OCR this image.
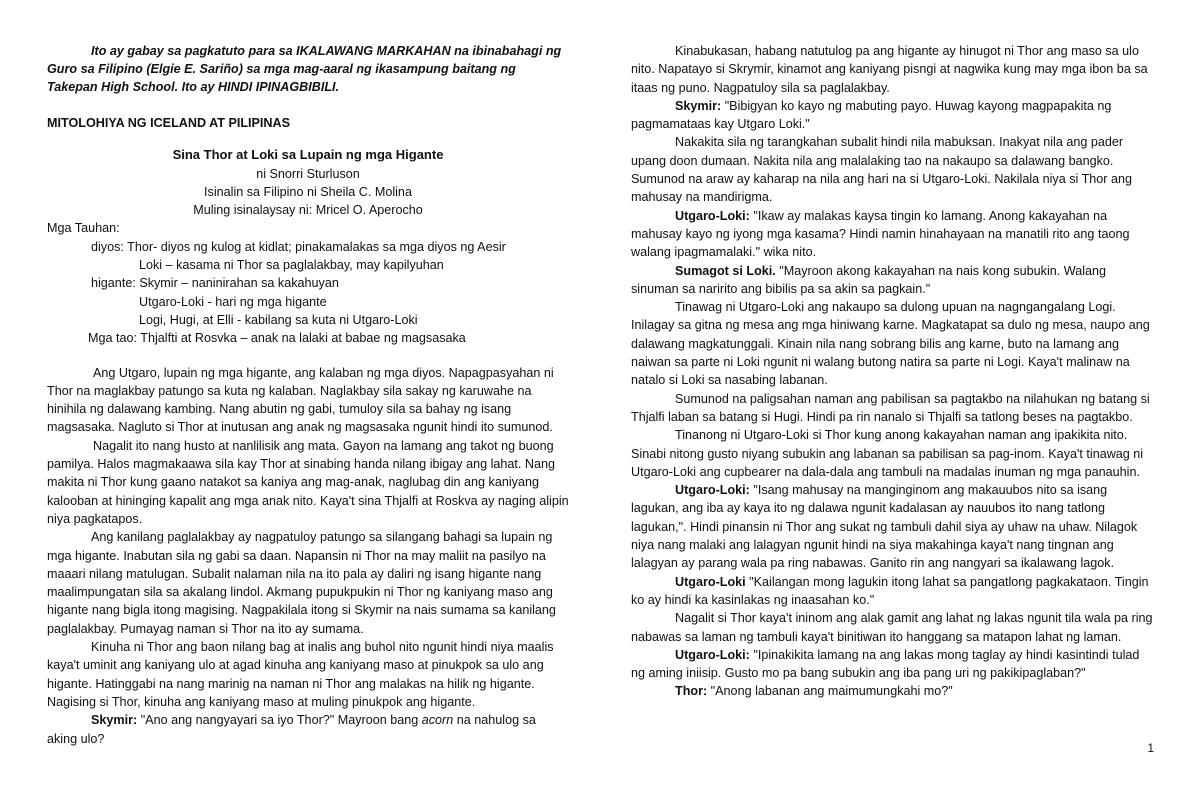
Ito ay gabay sa pagkatuto para sa IKALAWANG MARKAHAN na ibinabahagi ng Guro sa Filipino (Elgie E. Sariño) sa mga mag-aaral ng ikasampung baitang ng Takepan High School. Ito ay HINDI IPINAGBIBILI.

MITOLOHIYA NG ICELAND AT PILIPINAS

Sina Thor at Loki sa Lupain ng mga Higante

ni Snorri Sturluson

Isinalin sa Filipino ni Sheila C. Molina

Muling isinalaysay ni: Mricel O. Aperocho

Mga Tauhan:

diyos: Thor- diyos ng kulog at kidlat; pinakamalakas sa mga diyos ng Aesir

Loki – kasama ni Thor sa paglalakbay, may kapilyuhan

higante: Skymir – naninirahan sa kakahuyan

Utgaro-Loki - hari ng mga higante

Logi, Hugi, at Elli - kabilang sa kuta ni Utgaro-Loki

Mga tao: Thjalfti at Rosvka – anak na lalaki at babae ng magsasaka

Ang Utgaro, lupain ng mga higante, ang kalaban ng mga diyos. Napagpasyahan ni Thor na maglakbay patungo sa kuta ng kalaban. Naglakbay sila sakay ng karuwahe na hinihila ng dalawang kambing. Nang abutin ng gabi, tumuloy sila sa bahay ng isang magsasaka. Nagluto si Thor at inutusan ang anak ng magsasaka ngunit hindi ito sumunod.

Nagalit ito nang husto at nanlilisik ang mata. Gayon na lamang ang takot ng buong pamilya. Halos magmakaawa sila kay Thor at sinabing handa nilang ibigay ang lahat. Nang makita ni Thor kung gaano natakot sa kaniya ang mag-anak, naglubag din ang kaniyang kalooban at hininging kapalit ang mga anak nito. Kaya't sina Thjalfi at Roskva ay naging alipin niya pagkatapos.

Ang kanilang paglalakbay ay nagpatuloy patungo sa silangang bahagi sa lupain ng mga higante. Inabutan sila ng gabi sa daan. Napansin ni Thor na may maliit na pasilyo na maaari nilang matulugan. Subalit nalaman nila na ito pala ay daliri ng isang higante nang maalimpungatan sila sa akalang lindol. Akmang pupukpukin ni Thor ng kaniyang maso ang higante nang bigla itong magising. Nagpakilala itong si Skymir na nais sumama sa kanilang paglalakbay. Pumayag naman si Thor na ito ay sumama.

Kinuha ni Thor ang baon nilang bag at inalis ang buhol nito ngunit hindi niya maalis kaya't uminit ang kaniyang ulo at agad kinuha ang kaniyang maso at pinukpok sa ulo ang higante. Hatinggabi na nang marinig na naman ni Thor ang malakas na hilik ng higante. Nagising si Thor, kinuha ang kaniyang maso at muling pinukpok ang higante.

Skymir: "Ano ang nangyayari sa iyo Thor?" Mayroon bang acorn na nahulog sa aking ulo?

Kinabukasan, habang natutulog pa ang higante ay hinugot ni Thor ang maso sa ulo nito. Napatayo si Skrymir, kinamot ang kaniyang pisngi at nagwika kung may mga ibon ba sa itaas ng puno. Nagpatuloy sila sa paglalakbay.

Skymir: "Bibigyan ko kayo ng mabuting payo. Huwag kayong magpapakita ng pagmamataas kay Utgaro Loki."

Nakakita sila ng tarangkahan subalit hindi nila mabuksan. Inakyat nila ang pader upang doon dumaan. Nakita nila ang malalaking tao na nakaupo sa dalawang bangko. Sumunod na araw ay kaharap na nila ang hari na si Utgaro-Loki. Nakilala niya si Thor ang mahusay na mandirigma.

Utgaro-Loki: "Ikaw ay malakas kaysa tingin ko lamang. Anong kakayahan na mahusay kayo ng iyong mga kasama? Hindi namin hinahayaan na manatili rito ang taong walang ipagmamalaki." wika nito.

Sumagot si Loki. "Mayroon akong kakayahan na nais kong subukin. Walang sinuman sa naririto ang bibilis pa sa akin sa pagkain."

Tinawag ni Utgaro-Loki ang nakaupo sa dulong upuan na nagngangalang Logi. Inilagay sa gitna ng mesa ang mga hiniwang karne. Magkatapat sa dulo ng mesa, naupo ang dalawang magkatunggali. Kinain nila nang sobrang bilis ang karne, buto na lamang ang naiwan sa parte ni Loki ngunit ni walang butong natira sa parte ni Logi. Kaya't malinaw na natalo si Loki sa nasabing labanan.

Sumunod na paligsahan naman ang pabilisan sa pagtakbo na nilahukan ng batang si Thjalfi laban sa batang si Hugi. Hindi pa rin nanalo si Thjalfi sa tatlong beses na pagtakbo.

Tinanong ni Utgaro-Loki si Thor kung anong kakayahan naman ang ipakikita nito. Sinabi nitong gusto niyang subukin ang labanan sa pabilisan sa pag-inom. Kaya't tinawag ni Utgaro-Loki ang cupbearer na dala-dala ang tambuli na madalas inuman ng mga panauhin.

Utgaro-Loki: "Isang mahusay na manginginom ang makauubos nito sa isang lagukan, ang iba ay kaya ito ng dalawa ngunit kadalasan ay nauubos ito nang tatlong lagukan,". Hindi pinansin ni Thor ang sukat ng tambuli dahil siya ay uhaw na uhaw. Nilagok niya nang malaki ang lalagyan ngunit hindi na siya makahinga kaya't nang tingnan ang lalagyan ay parang wala pa ring nabawas. Ganito rin ang nangyari sa ikalawang lagok.

Utgaro-Loki "Kailangan mong lagukin itong lahat sa pangatlong pagkakataon. Tingin ko ay hindi ka kasinlakas ng inaasahan ko."

Nagalit si Thor kaya't ininom ang alak gamit ang lahat ng lakas ngunit tila wala pa ring nabawas sa laman ng tambuli kaya't binitiwan ito hanggang sa matapon lahat ng laman.

Utgaro-Loki: "Ipinakikita lamang na ang lakas mong taglay ay hindi kasintindi tulad ng aming iniisip. Gusto mo pa bang subukin ang iba pang uri ng pakikipaglaban?"

Thor: "Anong labanan ang maimumungkahi mo?"

1
